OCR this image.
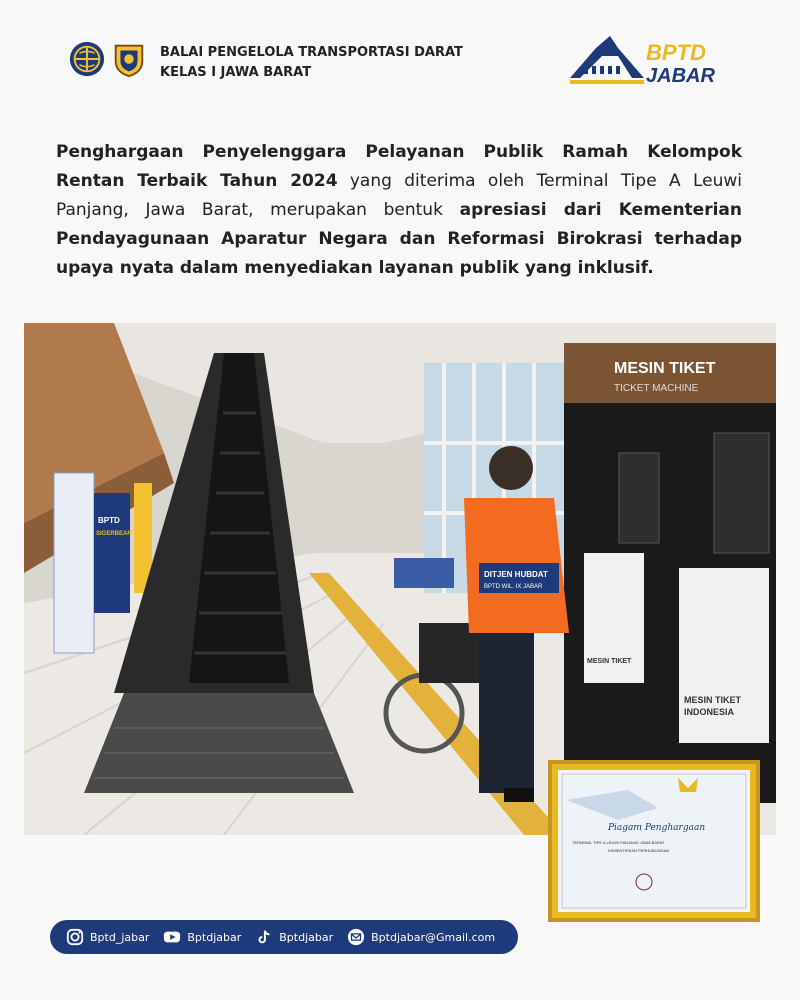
BALAI PENGELOLA TRANSPORTASI DARAT
KELAS I JAWA BARAT
BPTD
JABAR
Penghargaan Penyelenggara Pelayanan Publik Ramah Kelompok Rentan Terbaik Tahun 2024 yang diterima oleh Terminal Tipe A Leuwi Panjang, Jawa Barat, merupakan bentuk apresiasi dari Kementerian Pendayagunaan Aparatur Negara dan Reformasi Birokrasi terhadap upaya nyata dalam menyediakan layanan publik yang inklusif.
BPTD
SIGERBEAN
MESIN TIKET
TICKET MACHINE
MESIN TIKET
MESIN TIKET
INDONESIA
DITJEN HUBDAT
BPTD WIL. IX JABAR
Piagam Penghargaan
TERMINAL TIPE A LEUWI PANJANG JAWA BARAT
KEMENTERIAN PERHUBUNGAN
Bptd_jabar	Bptdjabar	Bptdjabar	Bptdjabar@Gmail.com
